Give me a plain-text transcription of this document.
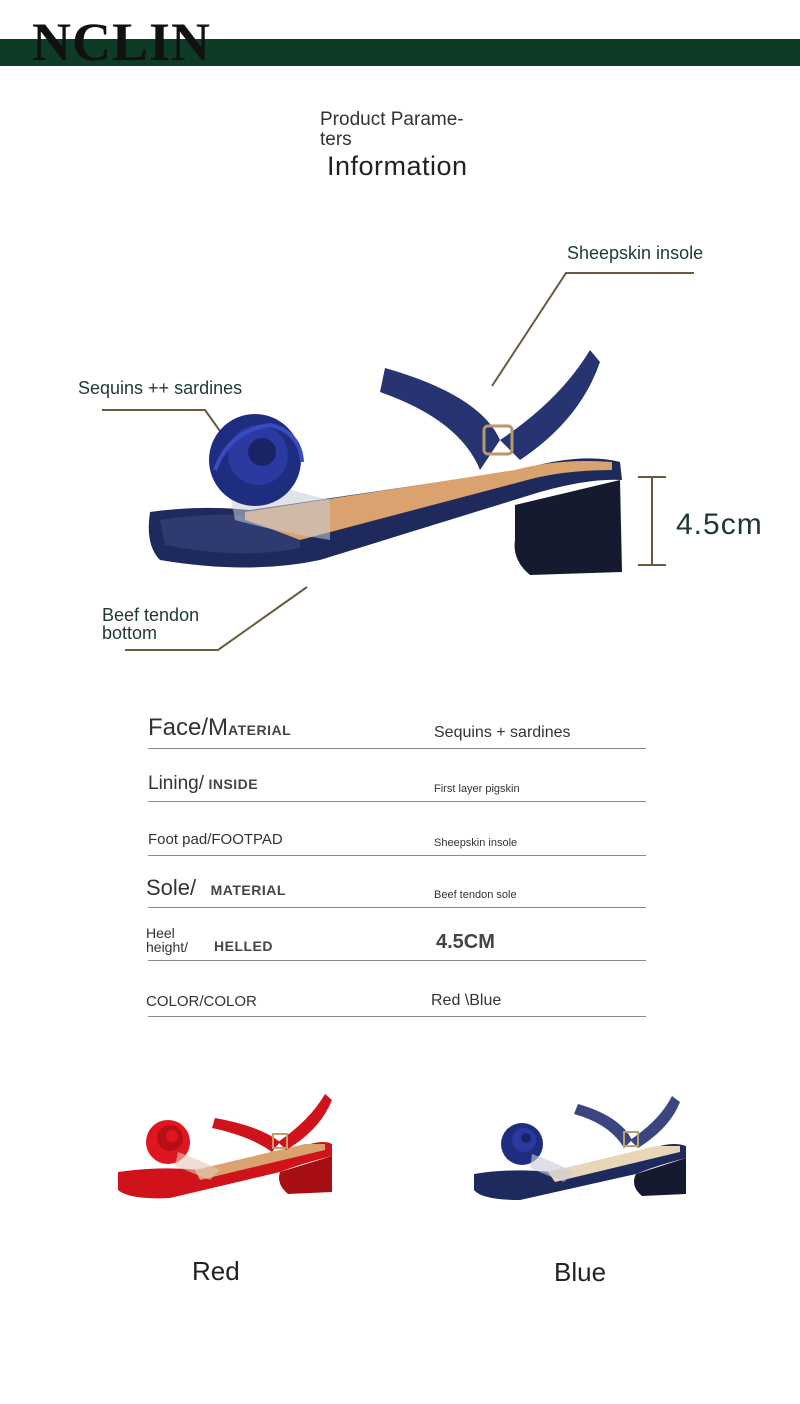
NCLIN
Product Parame-ters
Information
Sheepskin insole
Sequins ++ sardines
Beef tendon
bottom
4.5cm
Face/MATERIAL	Sequins + sardines
Lining/ INSIDE	First layer pigskin
Foot pad/FOOTPAD	Sheepskin insole
Sole/ MATERIAL	Beef tendon sole
Heel height/	HELLED	4.5CM
COLOR/COLOR	Red \Blue
Red	Blue
